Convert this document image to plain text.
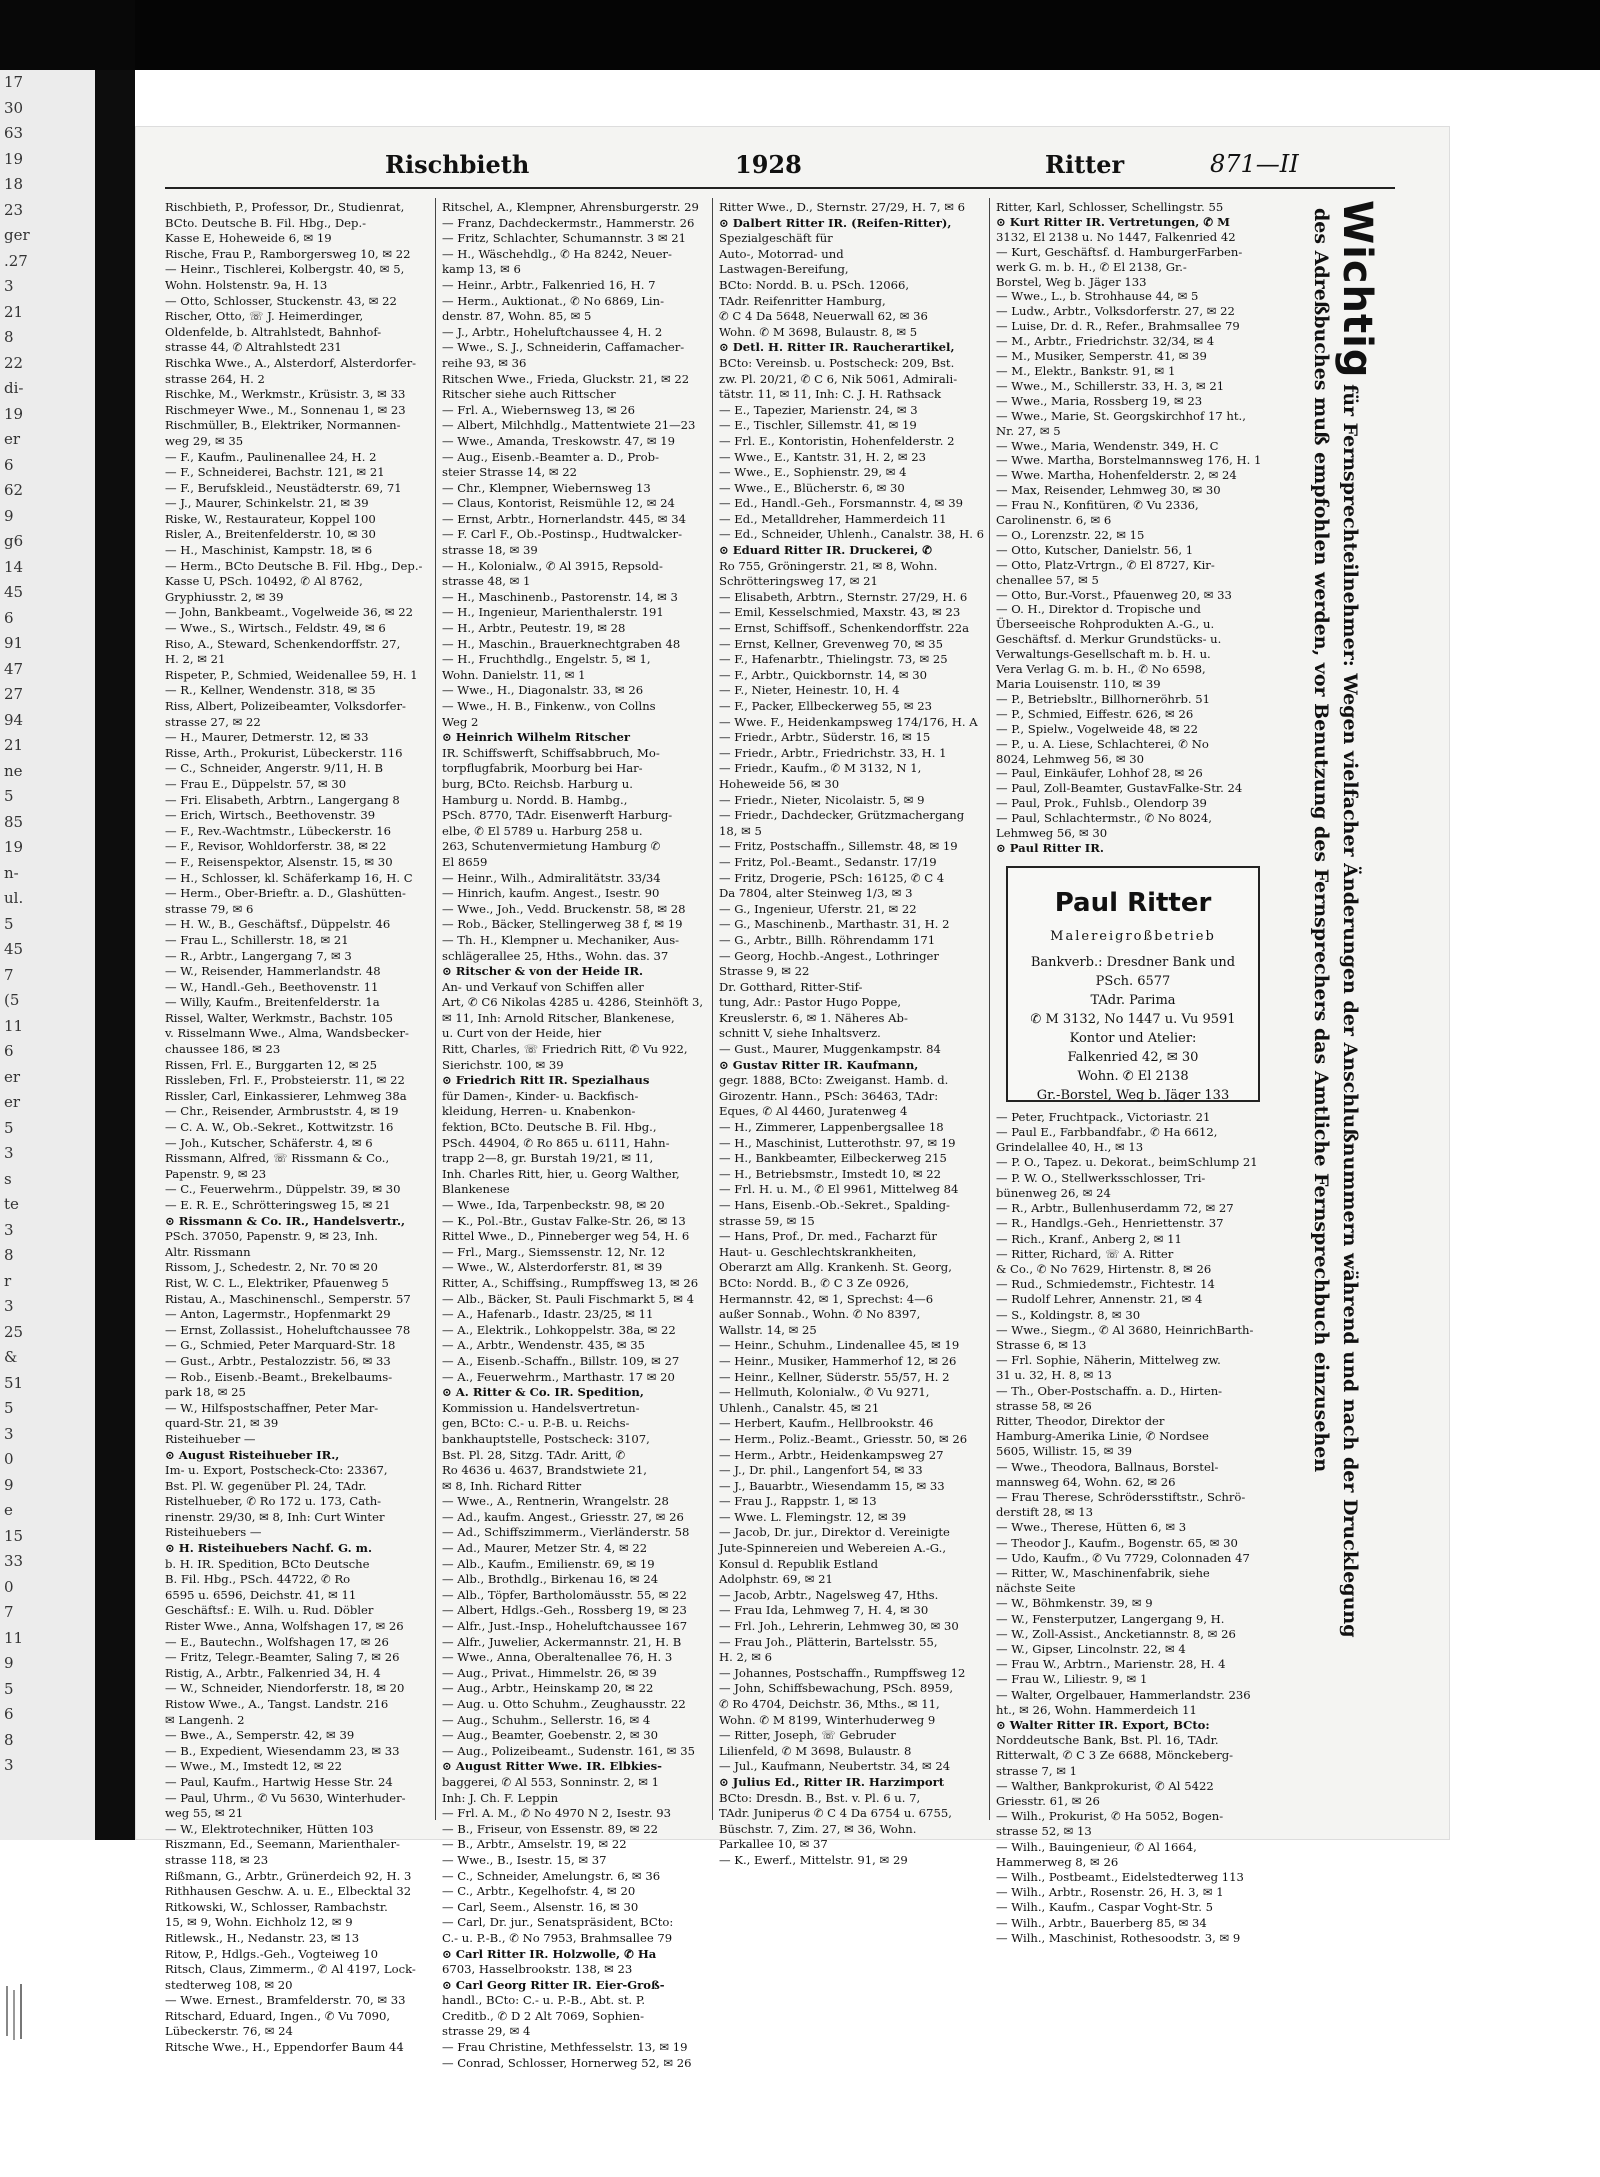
17
30
63
19
18
23
ger
.27
3
21
8
22
di-
19
er
6
62
9
g6
14
45
6
91
47
27
94
21
ne
5
85
19
n-
ul.
5
45
7
(5
11
6
er
er
5
3
s
te
3
8
r
3
25
&
51
5
3
0
9
e
15
33
0
7
11
9
5
6
8
3
Rischbieth	1928	Ritter	871—II
Rischbieth, P., Professor, Dr., Studienrat,
BCto. Deutsche B. Fil. Hbg., Dep.-
Kasse E, Hoheweide 6, ✉ 19
Rische, Frau P., Ramborgersweg 10, ✉ 22
— Heinr., Tischlerei, Kolbergstr. 40, ✉ 5,
Wohn. Holstenstr. 9a, H. 13
— Otto, Schlosser, Stuckenstr. 43, ✉ 22
Rischer, Otto, ☏ J. Heimerdinger,
Oldenfelde, b. Altrahlstedt, Bahnhof-
strasse 44, ✆ Altrahlstedt 231
Rischka Wwe., A., Alsterdorf, Alsterdorfer-
strasse 264, H. 2
Rischke, M., Werkmstr., Krüsistr. 3, ✉ 33
Rischmeyer Wwe., M., Sonnenau 1, ✉ 23
Rischmüller, B., Elektriker, Normannen-
weg 29, ✉ 35
— F., Kaufm., Paulinenallee 24, H. 2
— F., Schneiderei, Bachstr. 121, ✉ 21
— F., Berufskleid., Neustädterstr. 69, 71
— J., Maurer, Schinkelstr. 21, ✉ 39
Riske, W., Restaurateur, Koppel 100
Risler, A., Breitenfelderstr. 10, ✉ 30
— H., Maschinist, Kampstr. 18, ✉ 6
— Herm., BCto Deutsche B. Fil. Hbg., Dep.-
Kasse U, PSch. 10492, ✆ Al 8762,
Gryphiusstr. 2, ✉ 39
— John, Bankbeamt., Vogelweide 36, ✉ 22
— Wwe., S., Wirtsch., Feldstr. 49, ✉ 6
Riso, A., Steward, Schenkendorffstr. 27,
H. 2, ✉ 21
Rispeter, P., Schmied, Weidenallee 59, H. 1
— R., Kellner, Wendenstr. 318, ✉ 35
Riss, Albert, Polizeibeamter, Volksdorfer-
strasse 27, ✉ 22
— H., Maurer, Detmerstr. 12, ✉ 33
Risse, Arth., Prokurist, Lübeckerstr. 116
— C., Schneider, Angerstr. 9/11, H. B
— Frau E., Düppelstr. 57, ✉ 30
— Fri. Elisabeth, Arbtrn., Langergang 8
— Erich, Wirtsch., Beethovenstr. 39
— F., Rev.-Wachtmstr., Lübeckerstr. 16
— F., Revisor, Wohldorferstr. 38, ✉ 22
— F., Reisenspektor, Alsenstr. 15, ✉ 30
— H., Schlosser, kl. Schäferkamp 16, H. C
— Herm., Ober-Brieftr. a. D., Glashütten-
strasse 79, ✉ 6
— H. W., B., Geschäftsf., Düppelstr. 46
— Frau L., Schillerstr. 18, ✉ 21
— R., Arbtr., Langergang 7, ✉ 3
— W., Reisender, Hammerlandstr. 48
— W., Handl.-Geh., Beethovenstr. 11
— Willy, Kaufm., Breitenfelderstr. 1a
Rissel, Walter, Werkmstr., Bachstr. 105
v. Risselmann Wwe., Alma, Wandsbecker-
chaussee 186, ✉ 23
Rissen, Frl. E., Burggarten 12, ✉ 25
Rissleben, Frl. F., Probsteierstr. 11, ✉ 22
Rissler, Carl, Einkassierer, Lehmweg 38a
— Chr., Reisender, Armbruststr. 4, ✉ 19
— C. A. W., Ob.-Sekret., Kottwitzstr. 16
— Joh., Kutscher, Schäferstr. 4, ✉ 6
Rissmann, Alfred, ☏ Rissmann & Co.,
Papenstr. 9, ✉ 23
— C., Feuerwehrm., Düppelstr. 39, ✉ 30
— E. R. E., Schrötteringsweg 15, ✉ 21
⊙ Rissmann & Co. IR., Handelsvertr.,
PSch. 37050, Papenstr. 9, ✉ 23, Inh.
Altr. Rissmann
Rissom, J., Schedestr. 2, Nr. 70 ✉ 20
Rist, W. C. L., Elektriker, Pfauenweg 5
Ristau, A., Maschinenschl., Semperstr. 57
— Anton, Lagermstr., Hopfenmarkt 29
— Ernst, Zollassist., Hoheluftchaussee 78
— G., Schmied, Peter Marquard-Str. 18
— Gust., Arbtr., Pestalozzistr. 56, ✉ 33
— Rob., Eisenb.-Beamt., Brekelbaums-
park 18, ✉ 25
— W., Hilfspostschaffner, Peter Mar-
quard-Str. 21, ✉ 39
Risteihueber —
⊙ August Risteihueber IR.,
Im- u. Export, Postscheck-Cto: 23367,
Bst. Pl. W. gegenüber Pl. 24, TAdr.
Ristelhueber, ✆ Ro 172 u. 173, Cath-
rinenstr. 29/30, ✉ 8, Inh: Curt Winter
Risteihuebers —
⊙ H. Risteihuebers Nachf. G. m.
b. H. IR. Spedition, BCto Deutsche
B. Fil. Hbg., PSch. 44722, ✆ Ro
6595 u. 6596, Deichstr. 41, ✉ 11
Geschäftsf.: E. Wilh. u. Rud. Döbler
Rister Wwe., Anna, Wolfshagen 17, ✉ 26
— E., Bautechn., Wolfshagen 17, ✉ 26
— Fritz, Telegr.-Beamter, Saling 7, ✉ 26
Ristig, A., Arbtr., Falkenried 34, H. 4
— W., Schneider, Niendorferstr. 18, ✉ 20
Ristow Wwe., A., Tangst. Landstr. 216
✉ Langenh. 2
— Bwe., A., Semperstr. 42, ✉ 39
— B., Expedient, Wiesendamm 23, ✉ 33
— Wwe., M., Imstedt 12, ✉ 22
— Paul, Kaufm., Hartwig Hesse Str. 24
— Paul, Uhrm., ✆ Vu 5630, Winterhuder-
weg 55, ✉ 21
— W., Elektrotechniker, Hütten 103
Riszmann, Ed., Seemann, Marienthaler-
strasse 118, ✉ 23
Rißmann, G., Arbtr., Grünerdeich 92, H. 3
Rithhausen Geschw. A. u. E., Elbecktal 32
Ritkowski, W., Schlosser, Rambachstr.
15, ✉ 9, Wohn. Eichholz 12, ✉ 9
Ritlewsk., H., Nedanstr. 23, ✉ 13
Ritow, P., Hdlgs.-Geh., Vogteiweg 10
Ritsch, Claus, Zimmerm., ✆ Al 4197, Lock-
stedterweg 108, ✉ 20
— Wwe. Ernest., Bramfelderstr. 70, ✉ 33
Ritschard, Eduard, Ingen., ✆ Vu 7090,
Lübeckerstr. 76, ✉ 24
Ritsche Wwe., H., Eppendorfer Baum 44
Ritschel, A., Klempner, Ahrensburgerstr. 29
— Franz, Dachdeckermstr., Hammerstr. 26
— Fritz, Schlachter, Schumannstr. 3 ✉ 21
— H., Wäschehdlg., ✆ Ha 8242, Neuer-
kamp 13, ✉ 6
— Heinr., Arbtr., Falkenried 16, H. 7
— Herm., Auktionat., ✆ No 6869, Lin-
denstr. 87, Wohn. 85, ✉ 5
— J., Arbtr., Hoheluftchaussee 4, H. 2
— Wwe., S. J., Schneiderin, Caffamacher-
reihe 93, ✉ 36
Ritschen Wwe., Frieda, Gluckstr. 21, ✉ 22
Ritscher siehe auch Rittscher
— Frl. A., Wiebernsweg 13, ✉ 26
— Albert, Milchhdlg., Mattentwiete 21—23
— Wwe., Amanda, Treskowstr. 47, ✉ 19
— Aug., Eisenb.-Beamter a. D., Prob-
steier Strasse 14, ✉ 22
— Chr., Klempner, Wiebernsweg 13
— Claus, Kontorist, Reismühle 12, ✉ 24
— Ernst, Arbtr., Hornerlandstr. 445, ✉ 34
— F. Carl F., Ob.-Postinsp., Hudtwalcker-
strasse 18, ✉ 39
— H., Kolonialw., ✆ Al 3915, Repsold-
strasse 48, ✉ 1
— H., Maschinenb., Pastorenstr. 14, ✉ 3
— H., Ingenieur, Marienthalerstr. 191
— H., Arbtr., Peutestr. 19, ✉ 28
— H., Maschin., Brauerknechtgraben 48
— H., Fruchthdlg., Engelstr. 5, ✉ 1,
Wohn. Danielstr. 11, ✉ 1
— Wwe., H., Diagonalstr. 33, ✉ 26
— Wwe., H. B., Finkenw., von Collns
Weg 2
⊙ Heinrich Wilhelm Ritscher
IR. Schiffswerft, Schiffsabbruch, Mo-
torpflugfabrik, Moorburg bei Har-
burg, BCto. Reichsb. Harburg u.
Hamburg u. Nordd. B. Hambg.,
PSch. 8770, TAdr. Eisenwerft Harburg-
elbe, ✆ El 5789 u. Harburg 258 u.
263, Schutenvermietung Hamburg ✆
El 8659
— Heinr., Wilh., Admiralitätstr. 33/34
— Hinrich, kaufm. Angest., Isestr. 90
— Wwe., Joh., Vedd. Bruckenstr. 58, ✉ 28
— Rob., Bäcker, Stellingerweg 38 f, ✉ 19
— Th. H., Klempner u. Mechaniker, Aus-
schlägerallee 25, Hths., Wohn. das. 37
⊙ Ritscher & von der Heide IR.
An- und Verkauf von Schiffen aller
Art, ✆ C6 Nikolas 4285 u. 4286, Steinhöft 3,
✉ 11, Inh: Arnold Ritscher, Blankenese,
u. Curt von der Heide, hier
Ritt, Charles, ☏ Friedrich Ritt, ✆ Vu 922,
Sierichstr. 100, ✉ 39
⊙ Friedrich Ritt IR. Spezialhaus
für Damen-, Kinder- u. Backfisch-
kleidung, Herren- u. Knabenkon-
fektion, BCto. Deutsche B. Fil. Hbg.,
PSch. 44904, ✆ Ro 865 u. 6111, Hahn-
trapp 2—8, gr. Burstah 19/21, ✉ 11,
Inh. Charles Ritt, hier, u. Georg Walther,
Blankenese
— Wwe., Ida, Tarpenbeckstr. 98, ✉ 20
— K., Pol.-Btr., Gustav Falke-Str. 26, ✉ 13
Rittel Wwe., D., Pinneberger weg 54, H. 6
— Frl., Marg., Siemssenstr. 12, Nr. 12
— Wwe., W., Alsterdorferstr. 81, ✉ 39
Ritter, A., Schiffsing., Rumpffsweg 13, ✉ 26
— Alb., Bäcker, St. Pauli Fischmarkt 5, ✉ 4
— A., Hafenarb., Idastr. 23/25, ✉ 11
— A., Elektrik., Lohkoppelstr. 38a, ✉ 22
— A., Arbtr., Wendenstr. 435, ✉ 35
— A., Eisenb.-Schaffn., Billstr. 109, ✉ 27
— A., Feuerwehrm., Marthastr. 17 ✉ 20
⊙ A. Ritter & Co. IR. Spedition,
Kommission u. Handelsvertretun-
gen, BCto: C.- u. P.-B. u. Reichs-
bankhauptstelle, Postscheck: 3107,
Bst. Pl. 28, Sitzg. TAdr. Aritt, ✆
Ro 4636 u. 4637, Brandstwiete 21,
✉ 8, Inh. Richard Ritter
— Wwe., A., Rentnerin, Wrangelstr. 28
— Ad., kaufm. Angest., Griesstr. 27, ✉ 26
— Ad., Schiffszimmerm., Vierländerstr. 58
— Ad., Maurer, Metzer Str. 4, ✉ 22
— Alb., Kaufm., Emilienstr. 69, ✉ 19
— Alb., Brothdlg., Birkenau 16, ✉ 24
— Alb., Töpfer, Bartholomäusstr. 55, ✉ 22
— Albert, Hdlgs.-Geh., Rossberg 19, ✉ 23
— Alfr., Just.-Insp., Hoheluftchaussee 167
— Alfr., Juwelier, Ackermannstr. 21, H. B
— Wwe., Anna, Oberaltenallee 76, H. 3
— Aug., Privat., Himmelstr. 26, ✉ 39
— Aug., Arbtr., Heinskamp 20, ✉ 22
— Aug. u. Otto Schuhm., Zeughausstr. 22
— Aug., Schuhm., Sellerstr. 16, ✉ 4
— Aug., Beamter, Goebenstr. 2, ✉ 30
— Aug., Polizeibeamt., Sudenstr. 161, ✉ 35
⊙ August Ritter Wwe. IR. Elbkies-
baggerei, ✆ Al 553, Sonninstr. 2, ✉ 1
Inh: J. Ch. F. Leppin
— Frl. A. M., ✆ No 4970 N 2, Isestr. 93
— B., Friseur, von Essenstr. 89, ✉ 22
— B., Arbtr., Amselstr. 19, ✉ 22
— Wwe., B., Isestr. 15, ✉ 37
— C., Schneider, Amelungstr. 6, ✉ 36
— C., Arbtr., Kegelhofstr. 4, ✉ 20
— Carl, Seem., Alsenstr. 16, ✉ 30
— Carl, Dr. jur., Senatspräsident, BCto:
C.- u. P.-B., ✆ No 7953, Brahmsallee 79
⊙ Carl Ritter IR. Holzwolle, ✆ Ha
6703, Hasselbrookstr. 138, ✉ 23
⊙ Carl Georg Ritter IR. Eier-Groß-
handl., BCto: C.- u. P.-B., Abt. st. P.
Creditb., ✆ D 2 Alt 7069, Sophien-
strasse 29, ✉ 4
— Frau Christine, Methfesselstr. 13, ✉ 19
— Conrad, Schlosser, Hornerweg 52, ✉ 26
Ritter Wwe., D., Sternstr. 27/29, H. 7, ✉ 6
⊙ Dalbert Ritter IR. (Reifen-Ritter),
Spezialgeschäft für
Auto-, Motorrad- und
Lastwagen-Bereifung,
BCto: Nordd. B. u. PSch. 12066,
TAdr. Reifenritter Hamburg,
✆ C 4 Da 5648, Neuerwall 62, ✉ 36
Wohn. ✆ M 3698, Bulaustr. 8, ✉ 5
⊙ Detl. H. Ritter IR. Raucherartikel,
BCto: Vereinsb. u. Postscheck: 209, Bst.
zw. Pl. 20/21, ✆ C 6, Nik 5061, Admirali-
tätstr. 11, ✉ 11, Inh: C. J. H. Rathsack
— E., Tapezier, Marienstr. 24, ✉ 3
— E., Tischler, Sillemstr. 41, ✉ 19
— Frl. E., Kontoristin, Hohenfelderstr. 2
— Wwe., E., Kantstr. 31, H. 2, ✉ 23
— Wwe., E., Sophienstr. 29, ✉ 4
— Wwe., E., Blücherstr. 6, ✉ 30
— Ed., Handl.-Geh., Forsmannstr. 4, ✉ 39
— Ed., Metalldreher, Hammerdeich 11
— Ed., Schneider, Uhlenh., Canalstr. 38, H. 6
⊙ Eduard Ritter IR. Druckerei, ✆
Ro 755, Gröningerstr. 21, ✉ 8, Wohn.
Schrötteringsweg 17, ✉ 21
— Elisabeth, Arbtrn., Sternstr. 27/29, H. 6
— Emil, Kesselschmied, Maxstr. 43, ✉ 23
— Ernst, Schiffsoff., Schenkendorffstr. 22a
— Ernst, Kellner, Grevenweg 70, ✉ 35
— F., Hafenarbtr., Thielingstr. 73, ✉ 25
— F., Arbtr., Quickbornstr. 14, ✉ 30
— F., Nieter, Heinestr. 10, H. 4
— F., Packer, Ellbeckerweg 55, ✉ 23
— Wwe. F., Heidenkampsweg 174/176, H. A
— Friedr., Arbtr., Süderstr. 16, ✉ 15
— Friedr., Arbtr., Friedrichstr. 33, H. 1
— Friedr., Kaufm., ✆ M 3132, N 1,
Hoheweide 56, ✉ 30
— Friedr., Nieter, Nicolaistr. 5, ✉ 9
— Friedr., Dachdecker, Grützmachergang
18, ✉ 5
— Fritz, Postschaffn., Sillemstr. 48, ✉ 19
— Fritz, Pol.-Beamt., Sedanstr. 17/19
— Fritz, Drogerie, PSch: 16125, ✆ C 4
Da 7804, alter Steinweg 1/3, ✉ 3
— G., Ingenieur, Uferstr. 21, ✉ 22
— G., Maschinenb., Marthastr. 31, H. 2
— G., Arbtr., Billh. Röhrendamm 171
— Georg, Hochb.-Angest., Lothringer
Strasse 9, ✉ 22
Dr. Gotthard, Ritter-Stif-
tung, Adr.: Pastor Hugo Poppe,
Kreuslerstr. 6, ✉ 1. Näheres Ab-
schnitt V, siehe Inhaltsverz.
— Gust., Maurer, Muggenkampstr. 84
⊙ Gustav Ritter IR. Kaufmann,
gegr. 1888, BCto: Zweiganst. Hamb. d.
Girozentr. Hann., PSch: 36463, TAdr:
Eques, ✆ Al 4460, Juratenweg 4
— H., Zimmerer, Lappenbergsallee 18
— H., Maschinist, Lutterothstr. 97, ✉ 19
— H., Bankbeamter, Eilbeckerweg 215
— H., Betriebsmstr., Imstedt 10, ✉ 22
— Frl. H. u. M., ✆ El 9961, Mittelweg 84
— Hans, Eisenb.-Ob.-Sekret., Spalding-
strasse 59, ✉ 15
— Hans, Prof., Dr. med., Facharzt für
Haut- u. Geschlechtskrankheiten,
Oberarzt am Allg. Krankenh. St. Georg,
BCto: Nordd. B., ✆ C 3 Ze 0926,
Hermannstr. 42, ✉ 1, Sprechst: 4—6
außer Sonnab., Wohn. ✆ No 8397,
Wallstr. 14, ✉ 25
— Heinr., Schuhm., Lindenallee 45, ✉ 19
— Heinr., Musiker, Hammerhof 12, ✉ 26
— Heinr., Kellner, Süderstr. 55/57, H. 2
— Hellmuth, Kolonialw., ✆ Vu 9271,
Uhlenh., Canalstr. 45, ✉ 21
— Herbert, Kaufm., Hellbrookstr. 46
— Herm., Poliz.-Beamt., Griesstr. 50, ✉ 26
— Herm., Arbtr., Heidenkampsweg 27
— J., Dr. phil., Langenfort 54, ✉ 33
— J., Bauarbtr., Wiesendamm 15, ✉ 33
— Frau J., Rappstr. 1, ✉ 13
— Wwe. L. Flemingstr. 12, ✉ 39
— Jacob, Dr. jur., Direktor d. Vereinigte
Jute-Spinnereien und Webereien A.-G.,
Konsul d. Republik Estland
Adolphstr. 69, ✉ 21
— Jacob, Arbtr., Nagelsweg 47, Hths.
— Frau Ida, Lehmweg 7, H. 4, ✉ 30
— Frl. Joh., Lehrerin, Lehmweg 30, ✉ 30
— Frau Joh., Plätterin, Bartelsstr. 55,
H. 2, ✉ 6
— Johannes, Postschaffn., Rumpffsweg 12
— John, Schiffsbewachung, PSch. 8959,
✆ Ro 4704, Deichstr. 36, Mths., ✉ 11,
Wohn. ✆ M 8199, Winterhuderweg 9
— Ritter, Joseph, ☏ Gebruder
Lilienfeld, ✆ M 3698, Bulaustr. 8
— Jul., Kaufmann, Neubertstr. 34, ✉ 24
⊙ Julius Ed., Ritter IR. Harzimport
BCto: Dresdn. B., Bst. v. Pl. 6 u. 7,
TAdr. Juniperus ✆ C 4 Da 6754 u. 6755,
Büschstr. 7, Zim. 27, ✉ 36, Wohn.
Parkallee 10, ✉ 37
— K., Ewerf., Mittelstr. 91, ✉ 29
Ritter, Karl, Schlosser, Schellingstr. 55
⊙ Kurt Ritter IR. Vertretungen, ✆ M
3132, El 2138 u. No 1447, Falkenried 42
— Kurt, Geschäftsf. d. HamburgerFarben-
werk G. m. b. H., ✆ El 2138, Gr.-
Borstel, Weg b. Jäger 133
— Wwe., L., b. Strohhause 44, ✉ 5
— Ludw., Arbtr., Volksdorferstr. 27, ✉ 22
— Luise, Dr. d. R., Refer., Brahmsallee 79
— M., Arbtr., Friedrichstr. 32/34, ✉ 4
— M., Musiker, Semperstr. 41, ✉ 39
— M., Elektr., Bankstr. 91, ✉ 1
— Wwe., M., Schillerstr. 33, H. 3, ✉ 21
— Wwe., Maria, Rossberg 19, ✉ 23
— Wwe., Marie, St. Georgskirchhof 17 ht.,
Nr. 27, ✉ 5
— Wwe., Maria, Wendenstr. 349, H. C
— Wwe. Martha, Borstelmannsweg 176, H. 1
— Wwe. Martha, Hohenfelderstr. 2, ✉ 24
— Max, Reisender, Lehmweg 30, ✉ 30
— Frau N., Konfitüren, ✆ Vu 2336,
Carolinenstr. 6, ✉ 6
— O., Lorenzstr. 22, ✉ 15
— Otto, Kutscher, Danielstr. 56, 1
— Otto, Platz-Vrtrgn., ✆ El 8727, Kir-
chenallee 57, ✉ 5
— Otto, Bur.-Vorst., Pfauenweg 20, ✉ 33
— O. H., Direktor d. Tropische und
Überseeische Rohprodukten A.-G., u.
Geschäftsf. d. Merkur Grundstücks- u.
Verwaltungs-Gesellschaft m. b. H. u.
Vera Verlag G. m. b. H., ✆ No 6598,
Maria Louisenstr. 110, ✉ 39
— P., Betriebsltr., Billhorneröhrb. 51
— P., Schmied, Eiffestr. 626, ✉ 26
— P., Spielw., Vogelweide 48, ✉ 22
— P., u. A. Liese, Schlachterei, ✆ No
8024, Lehmweg 56, ✉ 30
— Paul, Einkäufer, Lohhof 28, ✉ 26
— Paul, Zoll-Beamter, GustavFalke-Str. 24
— Paul, Prok., Fuhlsb., Olendorp 39
— Paul, Schlachtermstr., ✆ No 8024,
Lehmweg 56, ✉ 30
⊙ Paul Ritter IR.
Paul Ritter
Malereigroßbetrieb
Bankverb.: Dresdner Bank und
PSch. 6577
TAdr. Parima
✆ M 3132, No 1447 u. Vu 9591
Kontor und Atelier:
Falkenried 42, ✉ 30
Wohn. ✆ El 2138
Gr.-Borstel, Weg b. Jäger 133
— Peter, Fruchtpack., Victoriastr. 21
— Paul E., Farbbandfabr., ✆ Ha 6612,
Grindelallee 40, H., ✉ 13
— P. O., Tapez. u. Dekorat., beimSchlump 21
— P. W. O., Stellwerksschlosser, Tri-
bünenweg 26, ✉ 24
— R., Arbtr., Bullenhuserdamm 72, ✉ 27
— R., Handlgs.-Geh., Henriettenstr. 37
— Rich., Kranf., Anberg 2, ✉ 11
— Ritter, Richard, ☏ A. Ritter
& Co., ✆ No 7629, Hirtenstr. 8, ✉ 26
— Rud., Schmiedemstr., Fichtestr. 14
— Rudolf Lehrer, Annenstr. 21, ✉ 4
— S., Koldingstr. 8, ✉ 30
— Wwe., Siegm., ✆ Al 3680, HeinrichBarth-
Strasse 6, ✉ 13
— Frl. Sophie, Näherin, Mittelweg zw.
31 u. 32, H. 8, ✉ 13
— Th., Ober-Postschaffn. a. D., Hirten-
strasse 58, ✉ 26
Ritter, Theodor, Direktor der
Hamburg-Amerika Linie, ✆ Nordsee
5605, Willistr. 15, ✉ 39
— Wwe., Theodora, Ballnaus, Borstel-
mannsweg 64, Wohn. 62, ✉ 26
— Frau Therese, Schrödersstiftstr., Schrö-
derstift 28, ✉ 13
— Wwe., Therese, Hütten 6, ✉ 3
— Theodor J., Kaufm., Bogenstr. 65, ✉ 30
— Udo, Kaufm., ✆ Vu 7729, Colonnaden 47
— Ritter, W., Maschinenfabrik, siehe
nächste Seite
— W., Böhmkenstr. 39, ✉ 9
— W., Fensterputzer, Langergang 9, H.
— W., Zoll-Assist., Ancketiannstr. 8, ✉ 26
— W., Gipser, Lincolnstr. 22, ✉ 4
— Frau W., Arbtrn., Marienstr. 28, H. 4
— Frau W., Liliestr. 9, ✉ 1
— Walter, Orgelbauer, Hammerlandstr. 236
ht., ✉ 26, Wohn. Hammerdeich 11
⊙ Walter Ritter IR. Export, BCto:
Norddeutsche Bank, Bst. Pl. 16, TAdr.
Ritterwalt, ✆ C 3 Ze 6688, Mönckeberg-
strasse 7, ✉ 1
— Walther, Bankprokurist, ✆ Al 5422
Griesstr. 61, ✉ 26
— Wilh., Prokurist, ✆ Ha 5052, Bogen-
strasse 52, ✉ 13
— Wilh., Bauingenieur, ✆ Al 1664,
Hammerweg 8, ✉ 26
— Wilh., Postbeamt., Eidelstedterweg 113
— Wilh., Arbtr., Rosenstr. 26, H. 3, ✉ 1
— Wilh., Kaufm., Caspar Voght-Str. 5
— Wilh., Arbtr., Bauerberg 85, ✉ 34
— Wilh., Maschinist, Rothesoodstr. 3, ✉ 9
Wichtig für Fernsprechteilnehmer: Wegen vielfacher Änderungen der Anschlußnummern während und nach der Drucklegung
des Adreßbuches muß empfohlen werden, vor Benutzung des Fernsprechers das Amtliche Fernsprechbuch einzusehen
